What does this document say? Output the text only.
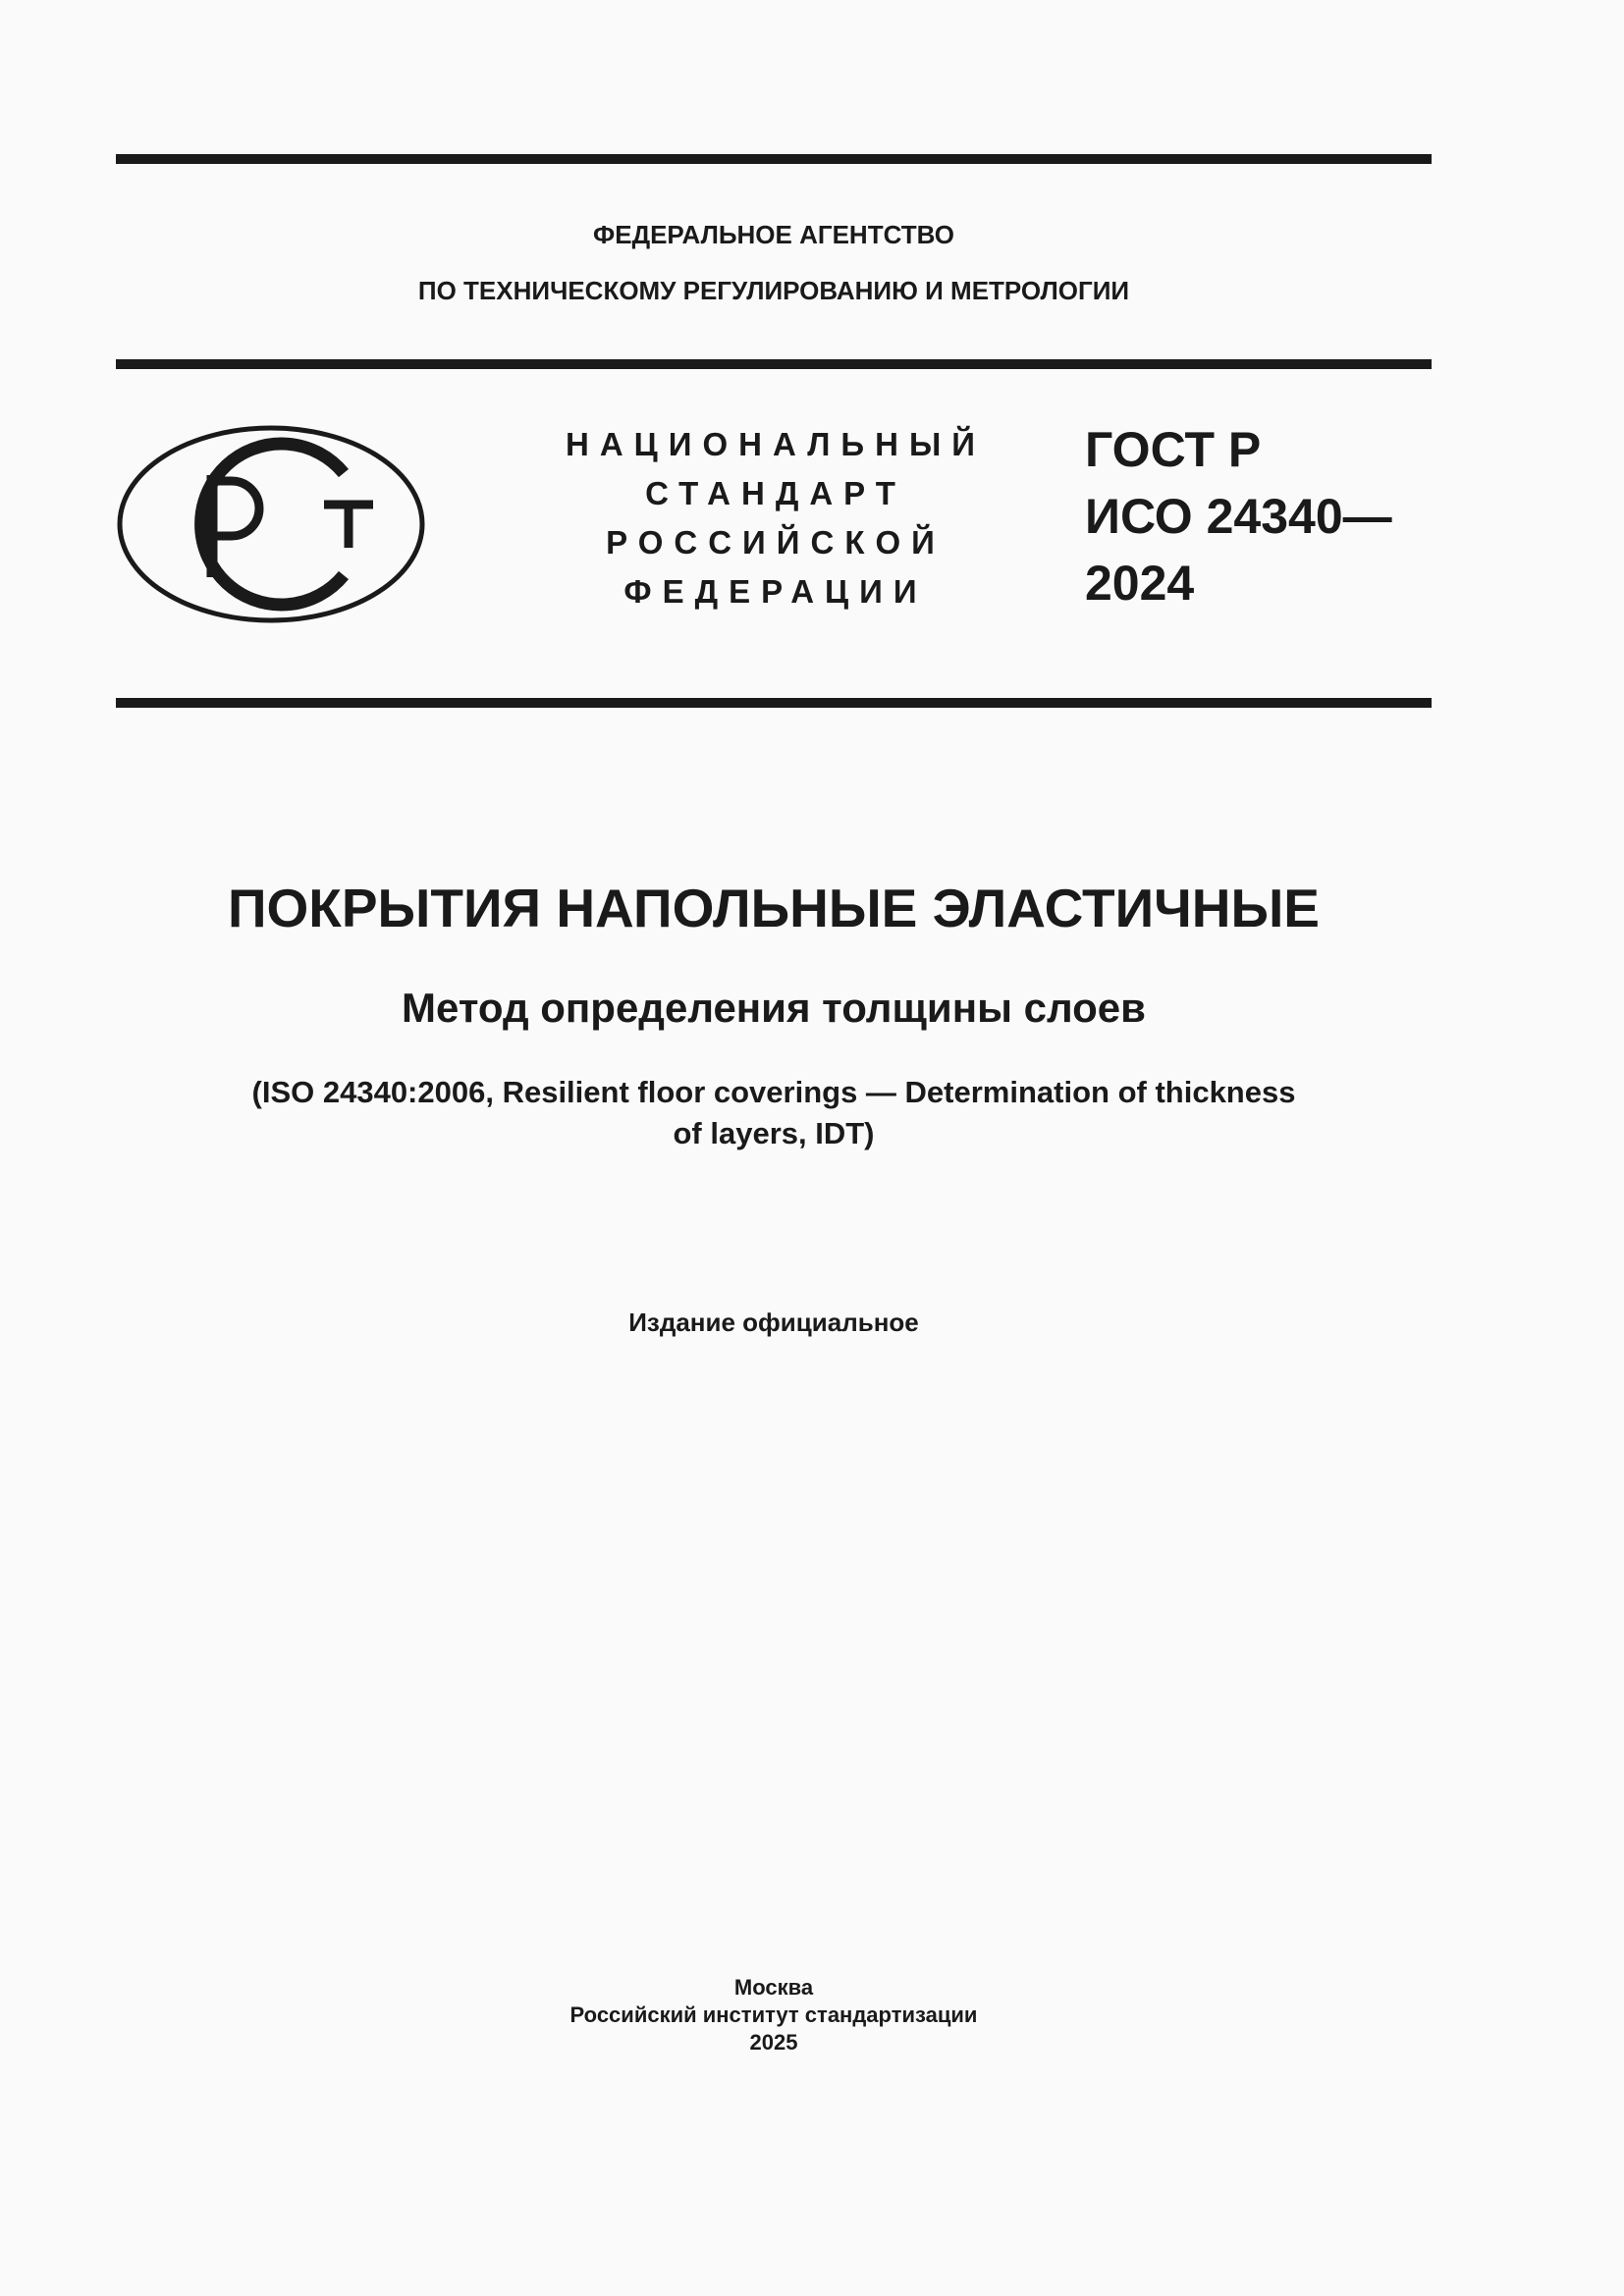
ФЕДЕРАЛЬНОЕ АГЕНТСТВО
ПО ТЕХНИЧЕСКОМУ РЕГУЛИРОВАНИЮ И МЕТРОЛОГИИ
НАЦИОНАЛЬНЫЙ
СТАНДАРТ
РОССИЙСКОЙ
ФЕДЕРАЦИИ
ГОСТ Р
ИСО 24340—
2024
ПОКРЫТИЯ НАПОЛЬНЫЕ ЭЛАСТИЧНЫЕ
Метод определения толщины слоев
(ISO 24340:2006, Resilient floor coverings — Determination of thickness
of layers, IDT)
Издание официальное
Москва
Российский институт стандартизации
2025
